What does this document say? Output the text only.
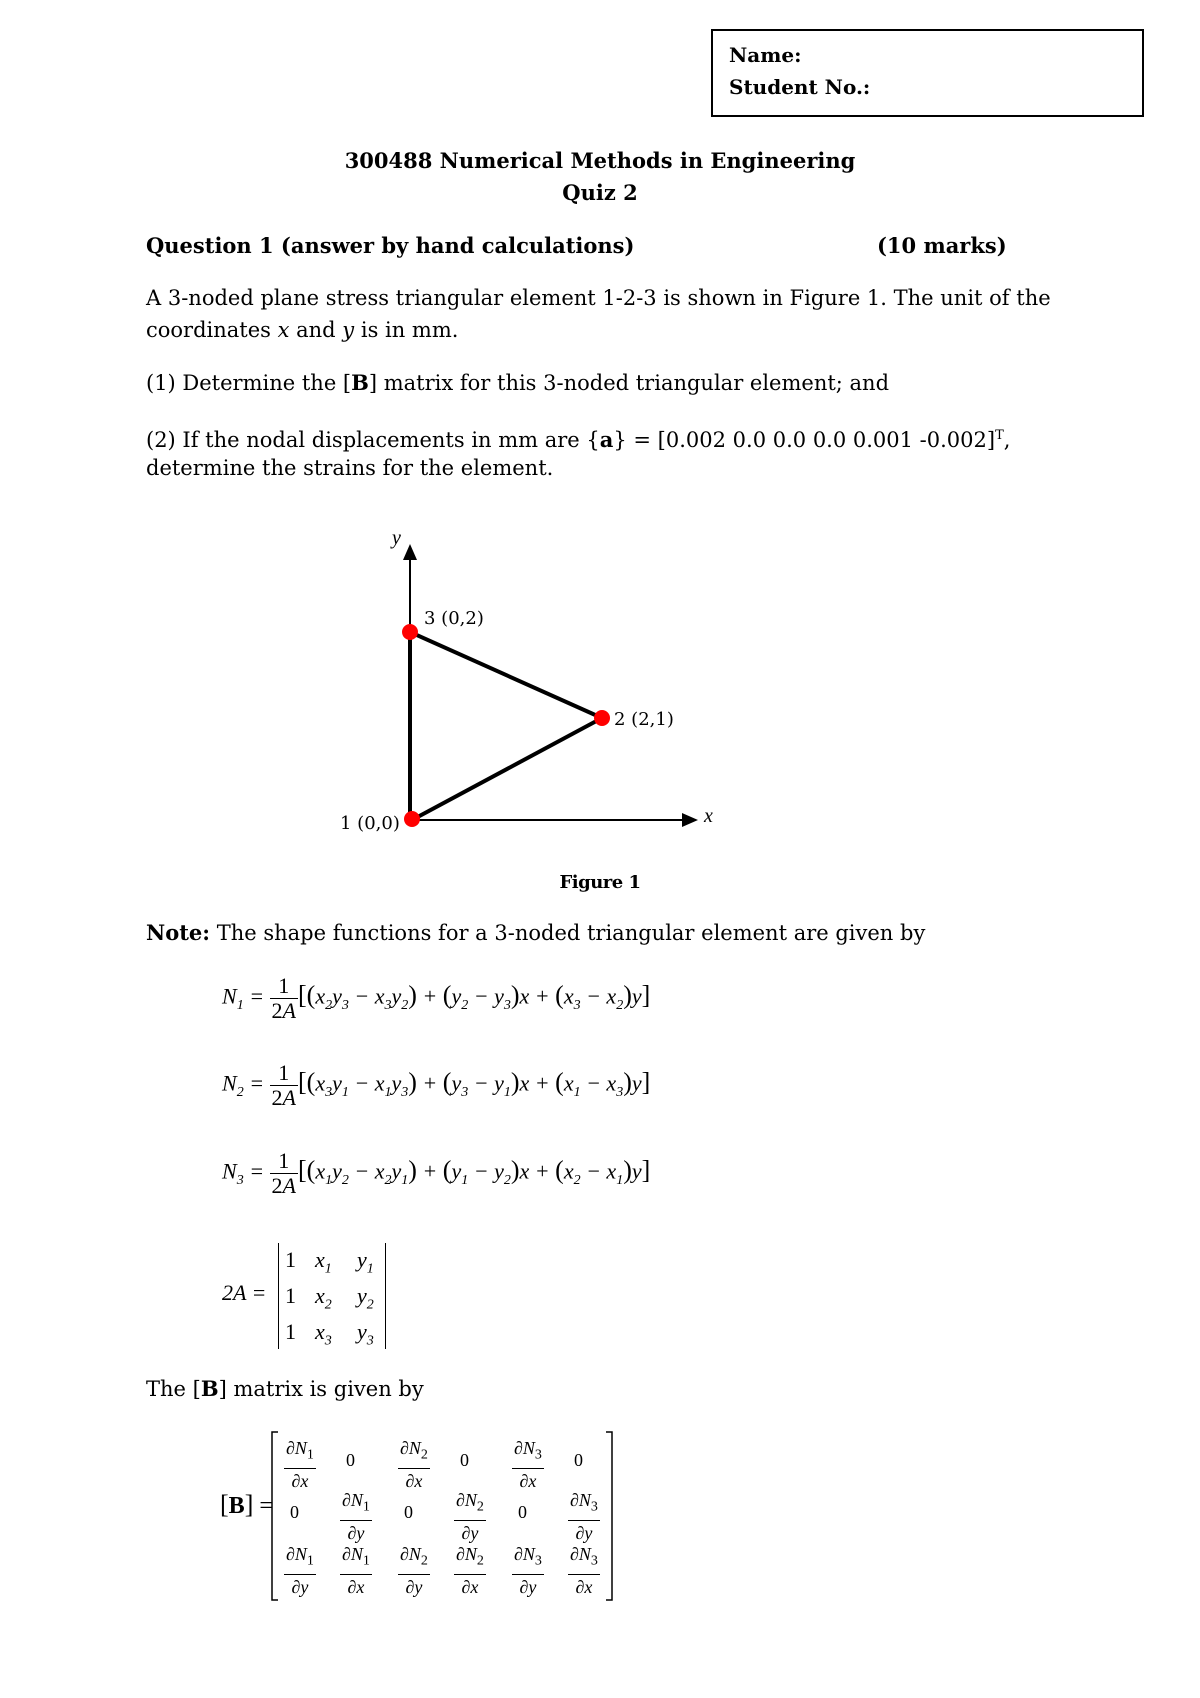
Name:
Student No.:
300488 Numerical Methods in Engineering
Quiz 2
Question 1 (answer by hand calculations)	(10 marks)
A 3-noded plane stress triangular element 1-2-3 is shown in Figure 1. The unit of the
coordinates x and y is in mm.
(1) Determine the [B] matrix for this 3-noded triangular element; and
(2) If the nodal displacements in mm are {a} = [0.002 0.0 0.0 0.0 0.001 -0.002]$^T$,
determine the strains for the element.
y
x
1 (0,0)
2 (2,1)
3 (0,2)
Figure 1
Note: The shape functions for a 3-noded triangular element are given by
$N_1 = \frac{1}{2A} [(x_2y_3 - x_3y_2) + (y_2 - y_3)x + (x_3 - x_2)y]$
$N_2 = \frac{1}{2A} [(x_3y_1 - x_1y_3) + (y_3 - y_1)x + (x_1 - x_3)y]$
$N_3 = \frac{1}{2A} [(x_1y_2 - x_2y_1) + (y_1 - y_2)x + (x_2 - x_1)y]$
2A =
1 $x_1$ $y_1$
1 $x_2$ $y_2$
1 $x_3$ $y_3$
The [B] matrix is given by
[B] =
$\frac{\partial N_1}{\partial x} 0 \frac{\partial N_2}{\partial x} 0 \frac{\partial N_3}{\partial x} 0$
$0 \frac{\partial N_1}{\partial y} 0 \frac{\partial N_2}{\partial y} 0 \frac{\partial N_3}{\partial y}$
$\frac{\partial N_1}{\partial y} \frac{\partial N_1}{\partial x} \frac{\partial N_2}{\partial y} \frac{\partial N_2}{\partial x} \frac{\partial N_3}{\partial y} \frac{\partial N_3}{\partial x}$
